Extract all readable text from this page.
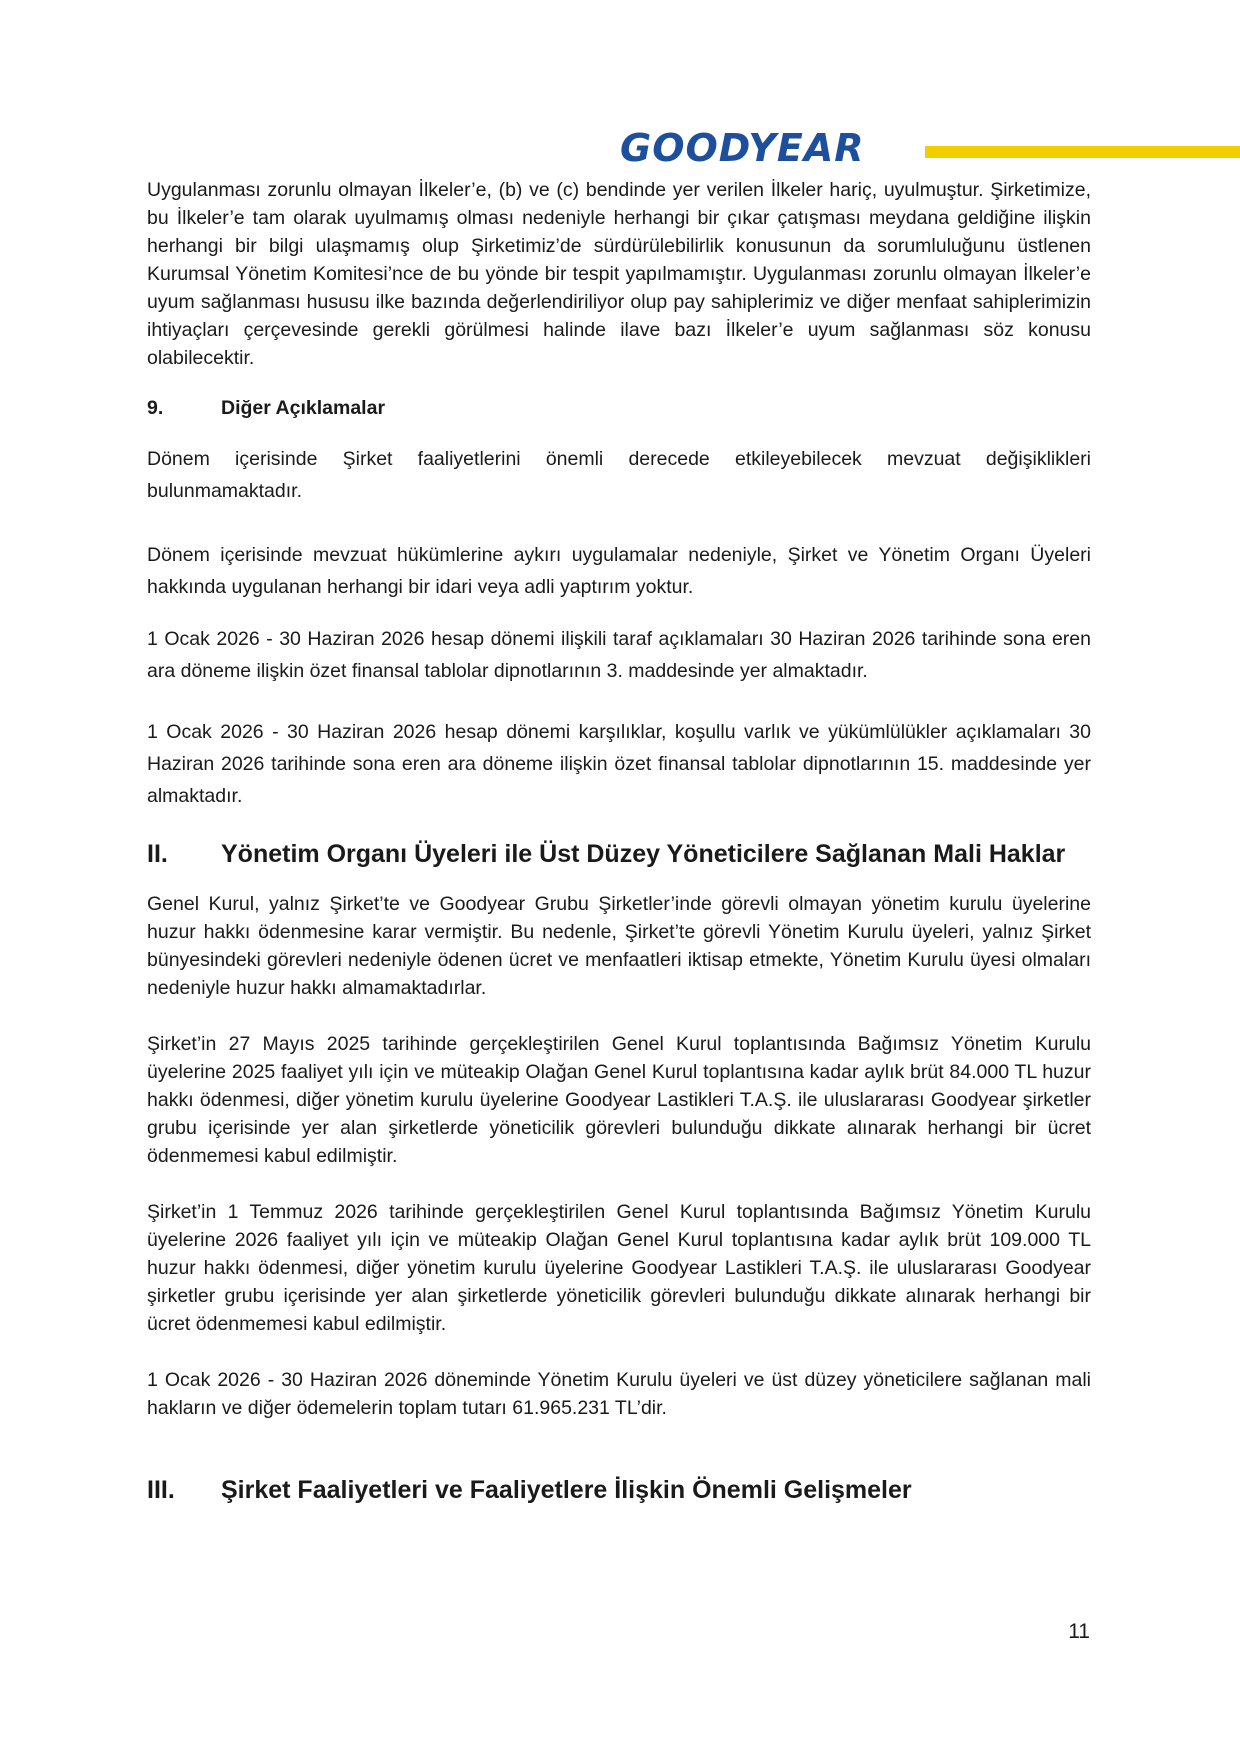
GOODYEAR

Uygulanması zorunlu olmayan İlkeler’e, (b) ve (c) bendinde yer verilen İlkeler hariç, uyulmuştur. Şirketimize, bu İlkeler’e tam olarak uyulmamış olması nedeniyle herhangi bir çıkar çatışması meydana geldiğine ilişkin herhangi bir bilgi ulaşmamış olup Şirketimiz’de sürdürülebilirlik konusunun da sorumluluğunu üstlenen Kurumsal Yönetim Komitesi’nce de bu yönde bir tespit yapılmamıştır. Uygulanması zorunlu olmayan İlkeler’e uyum sağlanması hususu ilke bazında değerlendiriliyor olup pay sahiplerimiz ve diğer menfaat sahiplerimizin ihtiyaçları çerçevesinde gerekli görülmesi halinde ilave bazı İlkeler’e uyum sağlanması söz konusu olabilecektir.

9.	Diğer Açıklamalar

Dönem içerisinde Şirket faaliyetlerini önemli derecede etkileyebilecek mevzuat değişiklikleri bulunmamaktadır.

Dönem içerisinde mevzuat hükümlerine aykırı uygulamalar nedeniyle, Şirket ve Yönetim Organı Üyeleri hakkında uygulanan herhangi bir idari veya adli yaptırım yoktur.

1 Ocak 2026 - 30 Haziran 2026 hesap dönemi ilişkili taraf açıklamaları 30 Haziran 2026 tarihinde sona eren ara döneme ilişkin özet finansal tablolar dipnotlarının 3. maddesinde yer almaktadır.

1 Ocak 2026 - 30 Haziran 2026 hesap dönemi karşılıklar, koşullu varlık ve yükümlülükler açıklamaları 30 Haziran 2026 tarihinde sona eren ara döneme ilişkin özet finansal tablolar dipnotlarının 15. maddesinde yer almaktadır.

II.	Yönetim Organı Üyeleri ile Üst Düzey Yöneticilere Sağlanan Mali Haklar

Genel Kurul, yalnız Şirket’te ve Goodyear Grubu Şirketler’inde görevli olmayan yönetim kurulu üyelerine huzur hakkı ödenmesine karar vermiştir. Bu nedenle, Şirket’te görevli Yönetim Kurulu üyeleri, yalnız Şirket bünyesindeki görevleri nedeniyle ödenen ücret ve menfaatleri iktisap etmekte, Yönetim Kurulu üyesi olmaları nedeniyle huzur hakkı almamaktadırlar.

Şirket’in 27 Mayıs 2025 tarihinde gerçekleştirilen Genel Kurul toplantısında Bağımsız Yönetim Kurulu üyelerine 2025 faaliyet yılı için ve müteakip Olağan Genel Kurul toplantısına kadar aylık brüt 84.000 TL huzur hakkı ödenmesi, diğer yönetim kurulu üyelerine Goodyear Lastikleri T.A.Ş. ile uluslararası Goodyear şirketler grubu içerisinde yer alan şirketlerde yöneticilik görevleri bulunduğu dikkate alınarak herhangi bir ücret ödenmemesi kabul edilmiştir.

Şirket’in 1 Temmuz 2026 tarihinde gerçekleştirilen Genel Kurul toplantısında Bağımsız Yönetim Kurulu üyelerine 2026 faaliyet yılı için ve müteakip Olağan Genel Kurul toplantısına kadar aylık brüt 109.000 TL huzur hakkı ödenmesi, diğer yönetim kurulu üyelerine Goodyear Lastikleri T.A.Ş. ile uluslararası Goodyear şirketler grubu içerisinde yer alan şirketlerde yöneticilik görevleri bulunduğu dikkate alınarak herhangi bir ücret ödenmemesi kabul edilmiştir.

1 Ocak 2026 - 30 Haziran 2026 döneminde Yönetim Kurulu üyeleri ve üst düzey yöneticilere sağlanan mali hakların ve diğer ödemelerin toplam tutarı 61.965.231 TL’dir.

III.	Şirket Faaliyetleri ve Faaliyetlere İlişkin Önemli Gelişmeler
11
